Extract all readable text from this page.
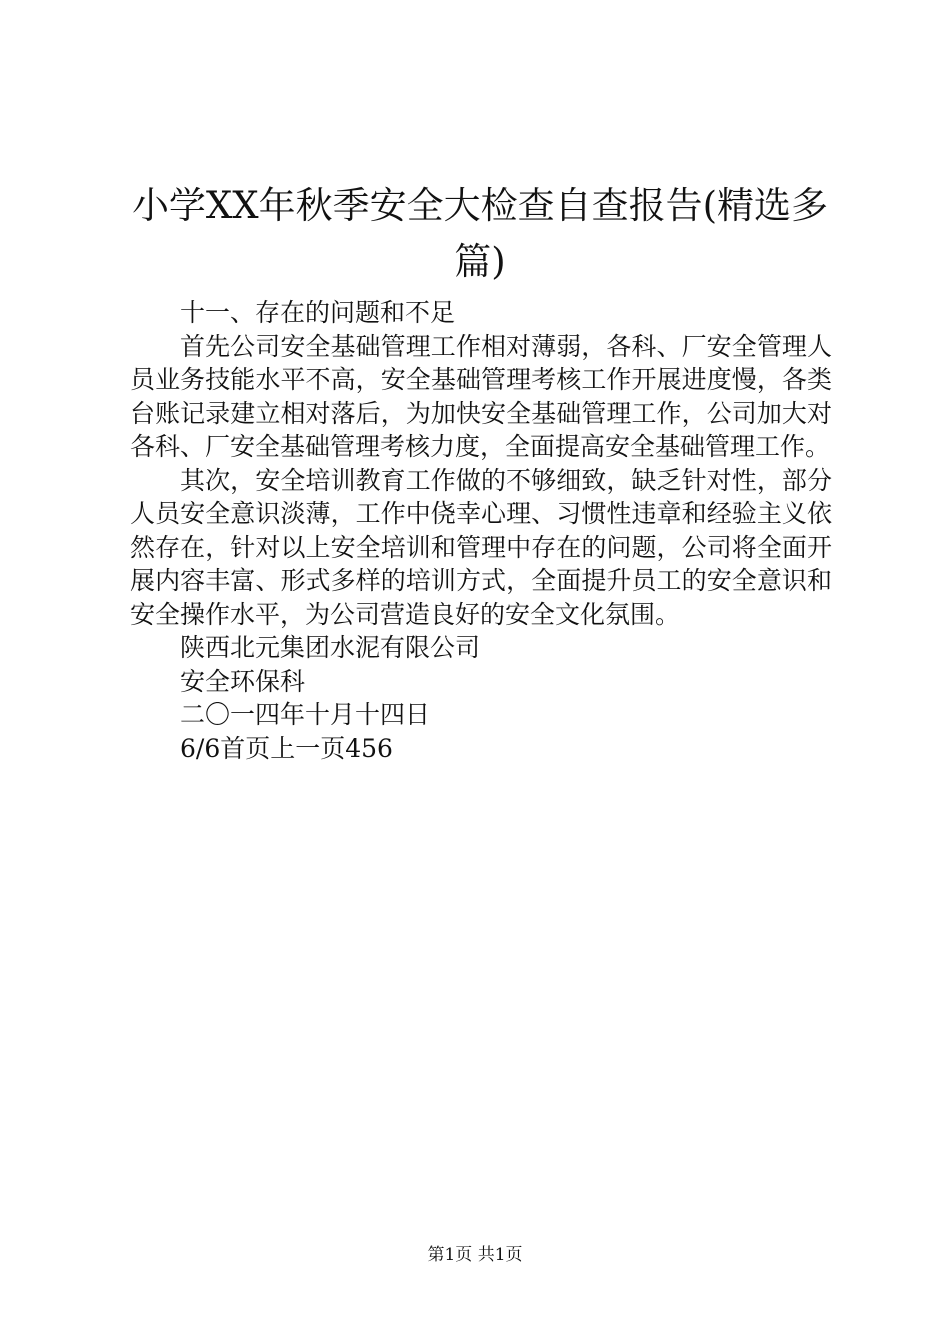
小学XX年秋季安全大检查自查报告(精选多篇)

十一、存在的问题和不足

首先公司安全基础管理工作相对薄弱，各科、厂安全管理人员业务技能水平不高，安全基础管理考核工作开展进度慢，各类台账记录建立相对落后，为加快安全基础管理工作，公司加大对各科、厂安全基础管理考核力度，全面提高安全基础管理工作。

其次，安全培训教育工作做的不够细致，缺乏针对性，部分人员安全意识淡薄，工作中侥幸心理、习惯性违章和经验主义依然存在，针对以上安全培训和管理中存在的问题，公司将全面开展内容丰富、形式多样的培训方式，全面提升员工的安全意识和安全操作水平，为公司营造良好的安全文化氛围。

陕西北元集团水泥有限公司

安全环保科

二〇一四年十月十四日

6/6首页上一页456

第1页 共1页
